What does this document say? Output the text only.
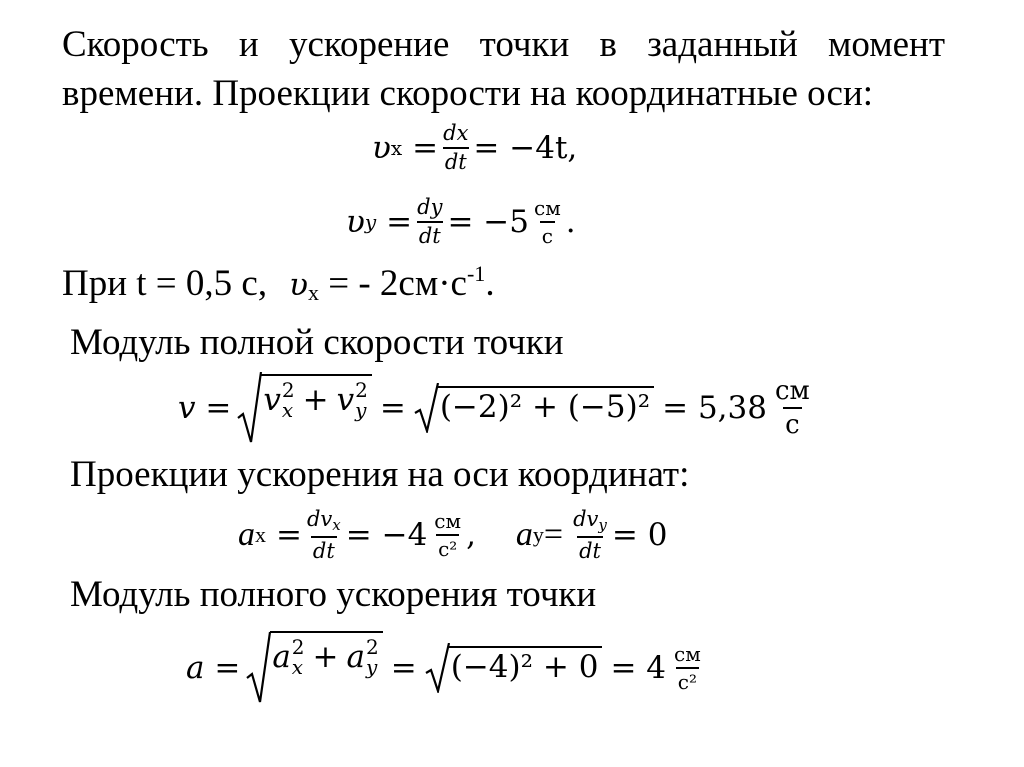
Скорость и ускорение точки в заданный момент
времени. Проекции скорости на координатные оси:
υ $x = \frac{dx}{dt} = -4t$,
υ $y = \frac{dy}{dt} = -5 \frac{см}{с}$ .
При t = 0,5 с, υx = - $2см\cdot с^{-1}$.
Модуль полной скорости точки
v = v 2
x + v 2
$y = (-2)^2 + (-5)^2 = 5,38 \frac{см}{с}$
Проекции ускорения на оси координат:
a $x = \frac{\text{dvx}}{dt} = -4 \frac{см}{\text{с²}}$ , a $y = \frac{\text{dvy}}{dt} = 0$
Модуль полного ускорения точки
a = a 2
x + a 2
$y = (-4)^2 + 0 = 4 \frac{см}{\text{с²}}$
